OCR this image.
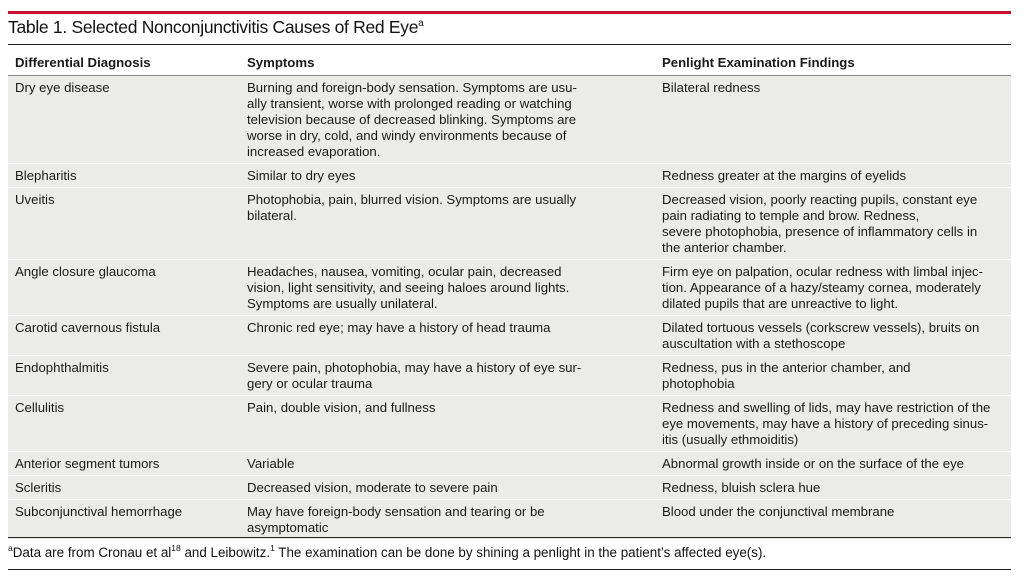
Table 1. Selected Nonconjunctivitis Causes of Red Eye$^a$
Differential Diagnosis	Symptoms	Penlight Examination Findings
Dry eye disease	Burning and foreign-body sensation. Symptoms are usu-
ally transient, worse with prolonged reading or watching
television because of decreased blinking. Symptoms are
worse in dry, cold, and windy environments because of
increased evaporation.	Bilateral redness
Blepharitis	Similar to dry eyes	Redness greater at the margins of eyelids
Uveitis	Photophobia, pain, blurred vision. Symptoms are usually
bilateral.	Decreased vision, poorly reacting pupils, constant eye
pain radiating to temple and brow. Redness,
severe photophobia, presence of inflammatory cells in
the anterior chamber.
Angle closure glaucoma	Headaches, nausea, vomiting, ocular pain, decreased
vision, light sensitivity, and seeing haloes around lights.
Symptoms are usually unilateral.	Firm eye on palpation, ocular redness with limbal injec-
tion. Appearance of a hazy/steamy cornea, moderately
dilated pupils that are unreactive to light.
Carotid cavernous fistula	Chronic red eye; may have a history of head trauma	Dilated tortuous vessels (corkscrew vessels), bruits on
auscultation with a stethoscope
Endophthalmitis	Severe pain, photophobia, may have a history of eye sur-
gery or ocular trauma	Redness, pus in the anterior chamber, and
photophobia
Cellulitis	Pain, double vision, and fullness	Redness and swelling of lids, may have restriction of the
eye movements, may have a history of preceding sinus-
itis (usually ethmoiditis)
Anterior segment tumors	Variable	Abnormal growth inside or on the surface of the eye
Scleritis	Decreased vision, moderate to severe pain	Redness, bluish sclera hue
Subconjunctival hemorrhage	May have foreign-body sensation and tearing or be
asymptomatic	Blood under the conjunctival membrane
$^a$Data are from Cronau et $al^{18}$ and Leibowitz.$^1$ The examination can be done by shining a penlight in the patient’s affected eye(s).
